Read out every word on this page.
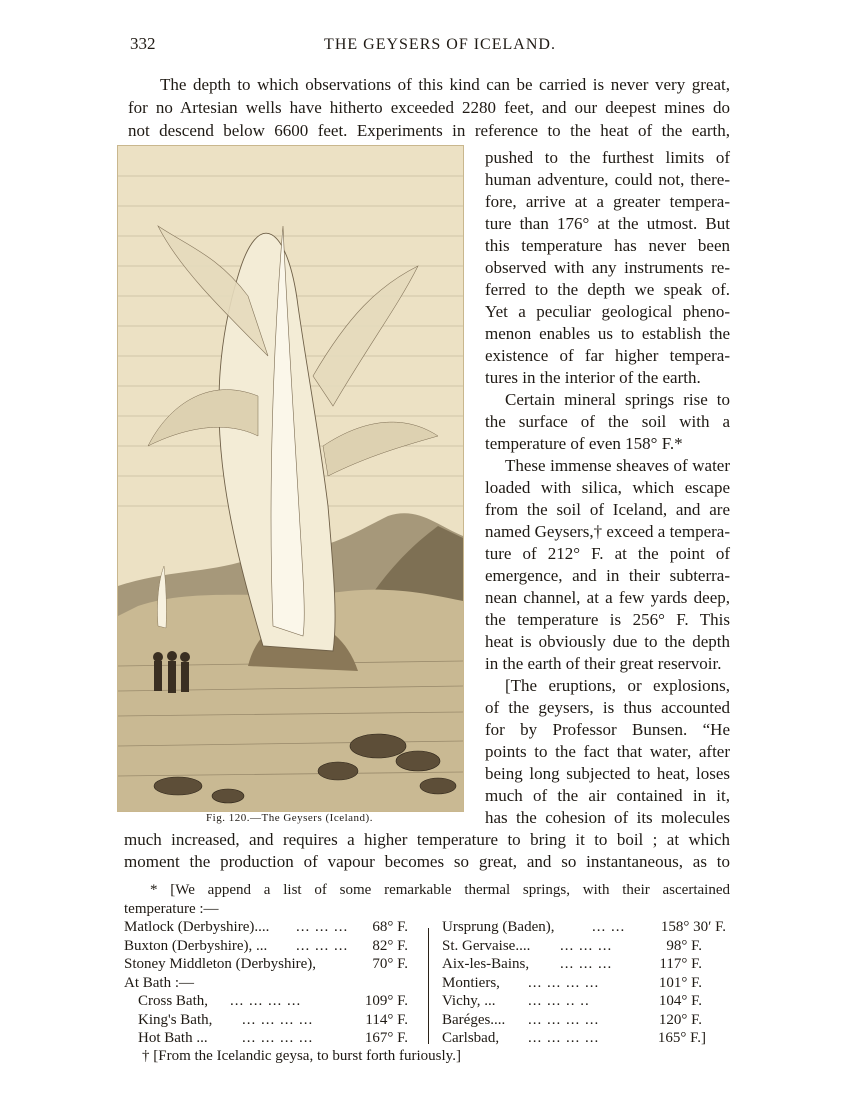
332	THE GEYSERS OF ICELAND.
The depth to which observations of this kind can be carried is never very great,
for no Artesian wells have hitherto exceeded 2280 feet, and our deepest mines do
not descend below 6600 feet. Experiments in reference to the heat of the earth,
Fig. 120.—The Geysers (Iceland).
pushed to the furthest limits of
human adventure, could not, there-
fore, arrive at a greater tempera-
ture than 176° at the utmost. But
this temperature has never been
observed with any instruments re-
ferred to the depth we speak of.
Yet a peculiar geological pheno-
menon enables us to establish the
existence of far higher tempera-
tures in the interior of the earth.
Certain mineral springs rise to
the surface of the soil with a
temperature of even 158° F.*
These immense sheaves of water
loaded with silica, which escape
from the soil of Iceland, and are
named Geysers,† exceed a tempera-
ture of 212° F. at the point of
emergence, and in their subterra-
nean channel, at a few yards deep,
the temperature is 256° F. This
heat is obviously due to the depth
in the earth of their great reservoir.
[The eruptions, or explosions,
of the geysers, is thus accounted
for by Professor Bunsen. “He
points to the fact that water, after
being long subjected to heat, loses
much of the air contained in it,
has the cohesion of its molecules
much increased, and requires a higher temperature to bring it to boil ; at which
moment the production of vapour becomes so great, and so instantaneous, as to
* [We append a list of some remarkable thermal springs, with their ascertained
temperature :—
Matlock (Derbyshire).... ... ... ...	68° F.
Buxton (Derbyshire), ... ... ... ...	82° F.
Stoney Middleton (Derbyshire),	70° F.
At Bath :—
Cross Bath, ... ... ... ...	109° F.
King's Bath, ... ... ... ...	114° F.
Hot Bath ... ... ... ... ...	167° F.
Ursprung (Baden),	... ...	158° 30′ F.
St. Gervaise.... ... ... ...	98° F.
Aix-les-Bains, ... ... ...	117° F.
Montiers, ... ... ... ...	101° F.
Vichy, ... ... ... .. ..	104° F.
Baréges.... ... ... ... ...	120° F.
Carlsbad, ... ... ... ...	165° F.]
† [From the Icelandic geysa, to burst forth furiously.]
